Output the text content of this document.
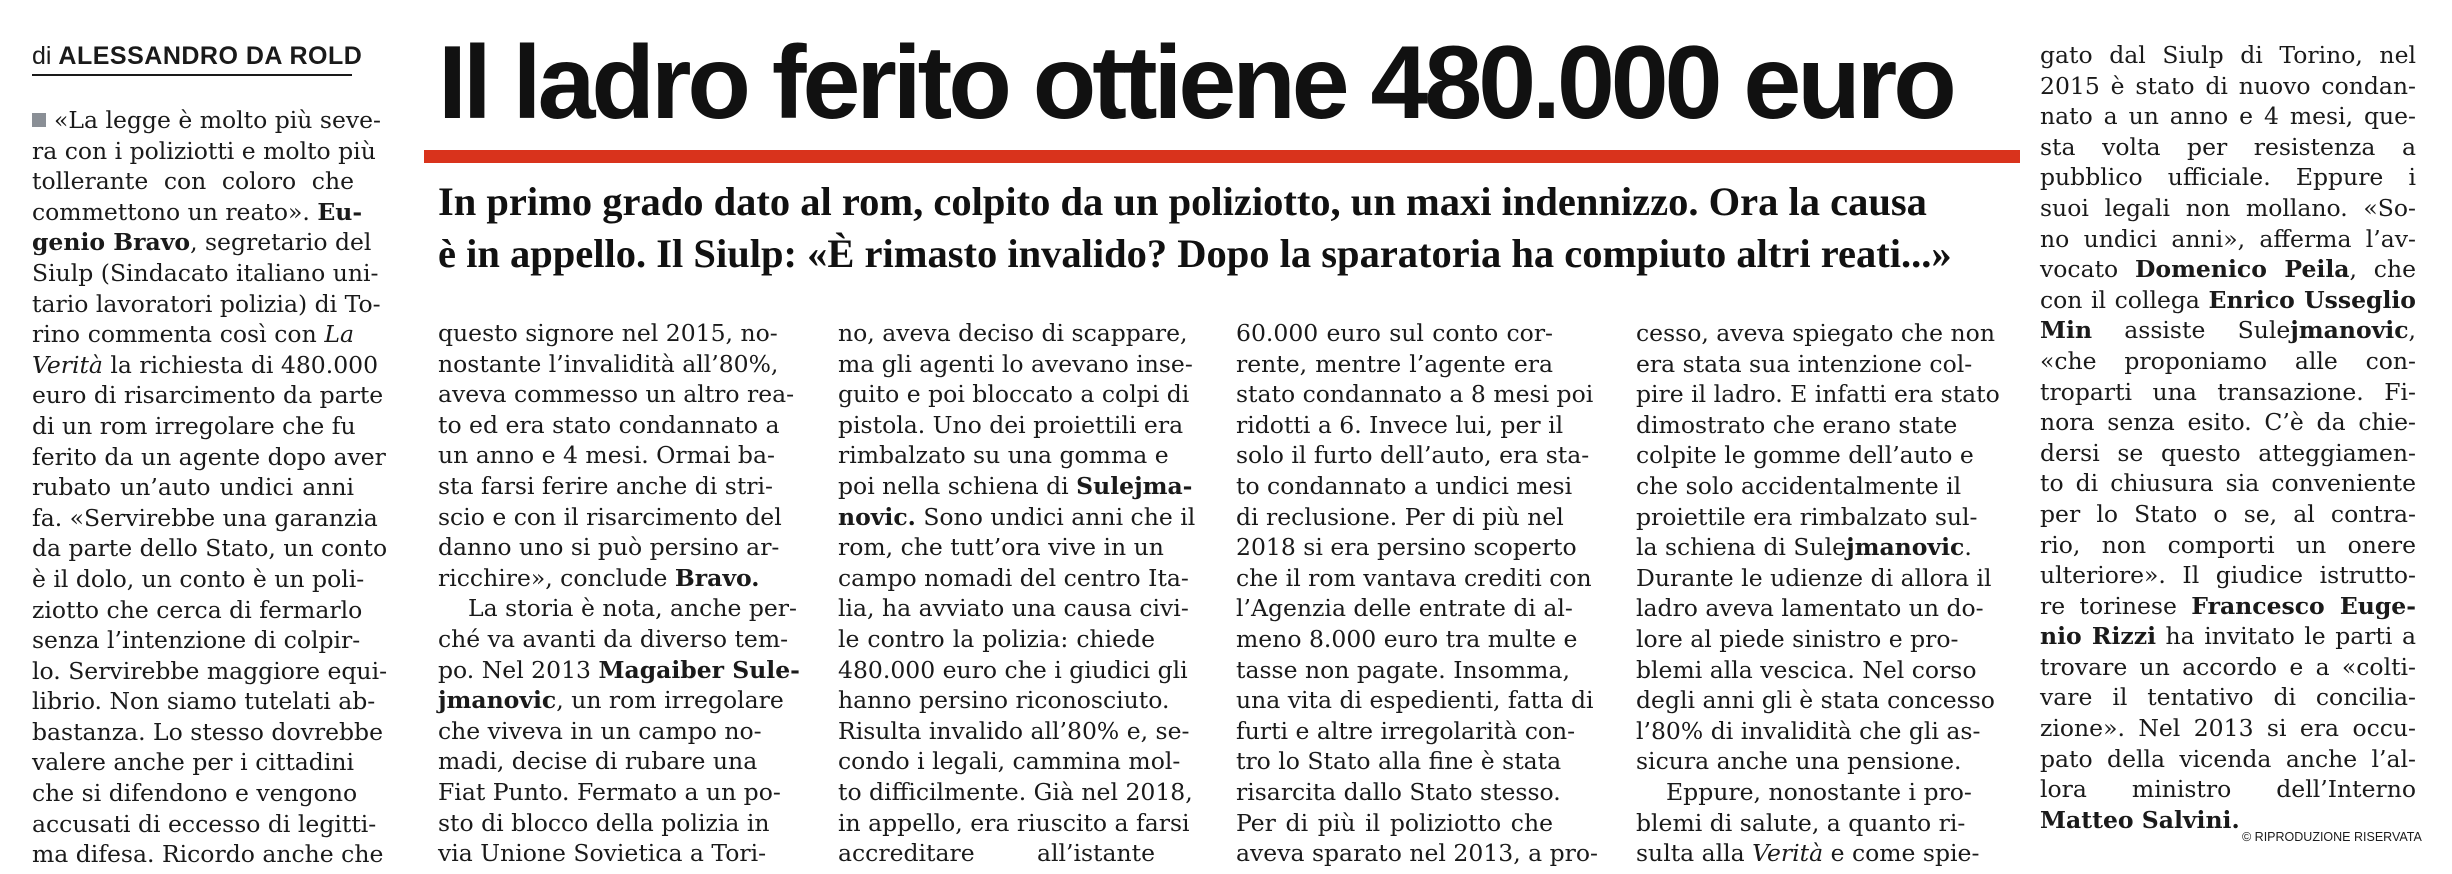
di ALESSANDRO DA ROLD Il ladro ferito ottiene 480.000 euro
In primo grado dato al rom, colpito da un poliziotto, un maxi indennizzo. Ora la causa
è in appello. Il Siulp: «È rimasto invalido? Dopo la sparatoria ha compiuto altri reati...»
«La legge è molto più seve-
ra con i poliziotti e molto più
tollerante con coloro che
commettono un reato». Eu-
genio Bravo, segretario del
Siulp (Sindacato italiano uni-
tario lavoratori polizia) di To-
rino commenta così con La
Verità la richiesta di 480.000
euro di risarcimento da parte
di un rom irregolare che fu
ferito da un agente dopo aver
rubato un’auto undici anni
fa. «Servirebbe una garanzia
da parte dello Stato, un conto
è il dolo, un conto è un poli-
ziotto che cerca di fermarlo
senza l’intenzione di colpir-
lo. Servirebbe maggiore equi-
librio. Non siamo tutelati ab-
bastanza. Lo stesso dovrebbe
valere anche per i cittadini
che si difendono e vengono
accusati di eccesso di legitti-
ma difesa. Ricordo anche che
questo signore nel 2015, no-
nostante l’invalidità all’80%,
aveva commesso un altro rea-
to ed era stato condannato a
un anno e 4 mesi. Ormai ba-
sta farsi ferire anche di stri-
scio e con il risarcimento del
danno uno si può persino ar-
ricchire», conclude Bravo.
La storia è nota, anche per-
ché va avanti da diverso tem-
po. Nel 2013 Magaiber Sule-
jmanovic, un rom irregolare
che viveva in un campo no-
madi, decise di rubare una
Fiat Punto. Fermato a un po-
sto di blocco della polizia in
via Unione Sovietica a Tori-
no, aveva deciso di scappare,
ma gli agenti lo avevano inse-
guito e poi bloccato a colpi di
pistola. Uno dei proiettili era
rimbalzato su una gomma e
poi nella schiena di Sulejma-
novic. Sono undici anni che il
rom, che tutt’ora vive in un
campo nomadi del centro Ita-
lia, ha avviato una causa civi-
le contro la polizia: chiede
480.000 euro che i giudici gli
hanno persino riconosciuto.
Risulta invalido all’80% e, se-
condo i legali, cammina mol-
to difficilmente. Già nel 2018,
in appello, era riuscito a farsi
accreditare all’istante
60.000 euro sul conto cor-
rente, mentre l’agente era
stato condannato a 8 mesi poi
ridotti a 6. Invece lui, per il
solo il furto dell’auto, era sta-
to condannato a undici mesi
di reclusione. Per di più nel
2018 si era persino scoperto
che il rom vantava crediti con
l’Agenzia delle entrate di al-
meno 8.000 euro tra multe e
tasse non pagate. Insomma,
una vita di espedienti, fatta di
furti e altre irregolarità con-
tro lo Stato alla fine è stata
risarcita dallo Stato stesso.
Per di più il poliziotto che
aveva sparato nel 2013, a pro-
cesso, aveva spiegato che non
era stata sua intenzione col-
pire il ladro. E infatti era stato
dimostrato che erano state
colpite le gomme dell’auto e
che solo accidentalmente il
proiettile era rimbalzato sul-
la schiena di Sulejmanovic.
Durante le udienze di allora il
ladro aveva lamentato un do-
lore al piede sinistro e pro-
blemi alla vescica. Nel corso
degli anni gli è stata concesso
l’80% di invalidità che gli as-
sicura anche una pensione.
Eppure, nonostante i pro-
blemi di salute, a quanto ri-
sulta alla Verità e come spie-
gato dal Siulp di Torino, nel
2015 è stato di nuovo condan-
nato a un anno e 4 mesi, que-
sta volta per resistenza a
pubblico ufficiale. Eppure i
suoi legali non mollano. «So-
no undici anni», afferma l’av-
vocato Domenico Peila, che
con il collega Enrico Usseglio
Min assiste Sulejmanovic,
«che proponiamo alle con-
troparti una transazione. Fi-
nora senza esito. C’è da chie-
dersi se questo atteggiamen-
to di chiusura sia conveniente
per lo Stato o se, al contra-
rio, non comporti un onere
ulteriore». Il giudice istrutto-
re torinese Francesco Euge-
nio Rizzi ha invitato le parti a
trovare un accordo e a «colti-
vare il tentativo di concilia-
zione». Nel 2013 si era occu-
pato della vicenda anche l’al-
lora ministro dell’Interno
Matteo Salvini.
© RIPRODUZIONE RISERVATA
